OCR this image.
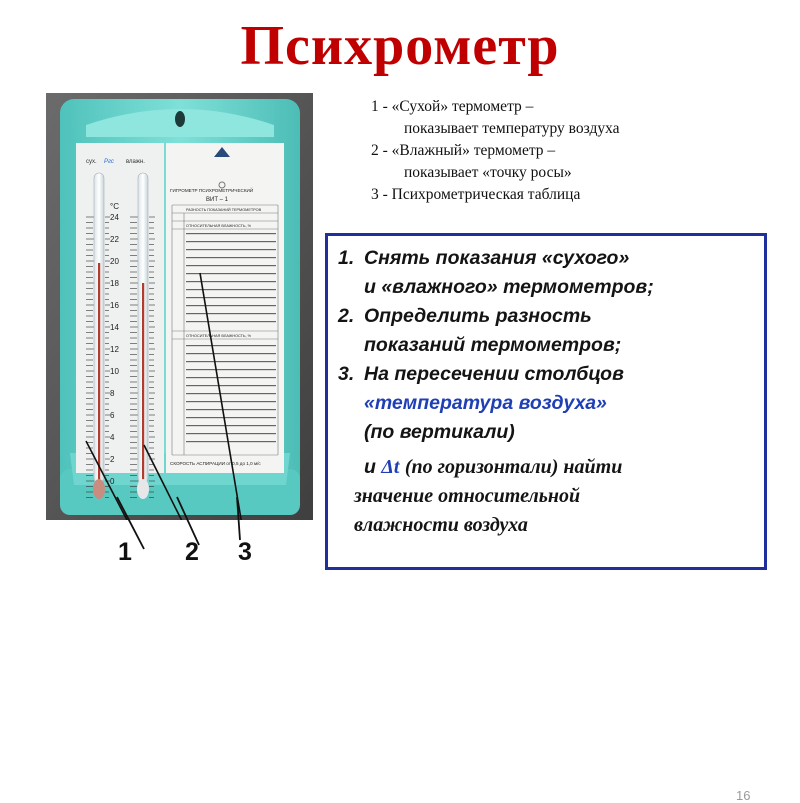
Психрометр
сух. Ргс влажн.
°C
ГИГРОМЕТР ПСИХРОМЕТРИЧЕСКИЙ
ВИТ – 1
РАЗНОСТЬ ПОКАЗАНИЙ ТЕРМОМЕТРОВ
ОТНОСИТЕЛЬНАЯ ВЛАЖНОСТЬ, %
ОТНОСИТЕЛЬНАЯ ВЛАЖНОСТЬ, %
СКОРОСТЬ АСПИРАЦИИ от 0,5 до 1,0 м/с
24
22
20
18
16
14
12
10
8
6
4
2
0
1 2 3
1 - «Сухой» термометр –
показывает температуру воздуха
2 - «Влажный» термометр –
показывает «точку росы»
3 - Психрометрическая таблица
1. Снять показания «сухого»
и «влажного» термометров;
2. Определить разность
показаний термометров;
3. На пересечении столбцов
«температура воздуха»
(по вертикали)
и Δt (по горизонтали) найти
значение относительной
влажности воздуха
16
